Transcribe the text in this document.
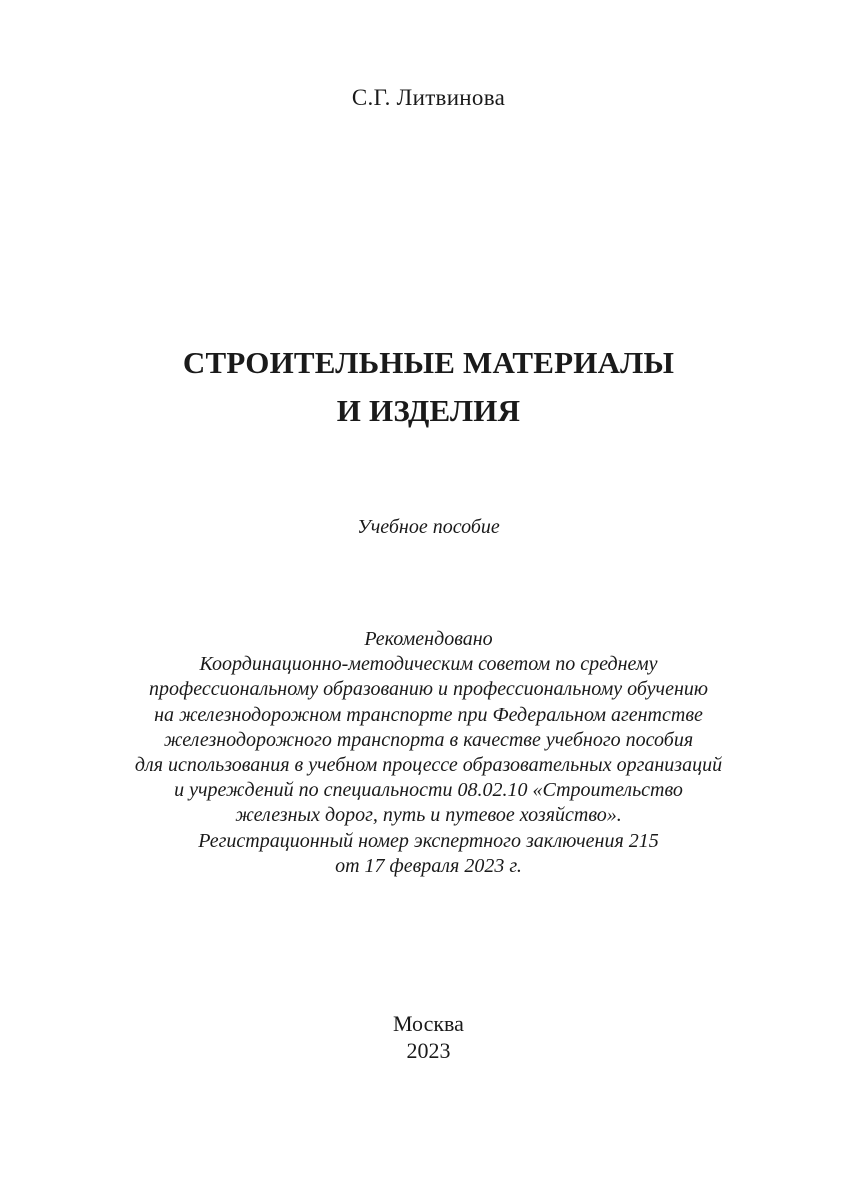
С.Г. Литвинова
СТРОИТЕЛЬНЫЕ МАТЕРИАЛЫ
И ИЗДЕЛИЯ
Учебное пособие
Рекомендовано
Координационно-методическим советом по среднему
профессиональному образованию и профессиональному обучению
на железнодорожном транспорте при Федеральном агентстве
железнодорожного транспорта в качестве учебного пособия
для использования в учебном процессе образовательных организаций
и учреждений по специальности 08.02.10 «Строительство
железных дорог, путь и путевое хозяйство».
Регистрационный номер экспертного заключения 215
от 17 февраля 2023 г.
Москва
2023
